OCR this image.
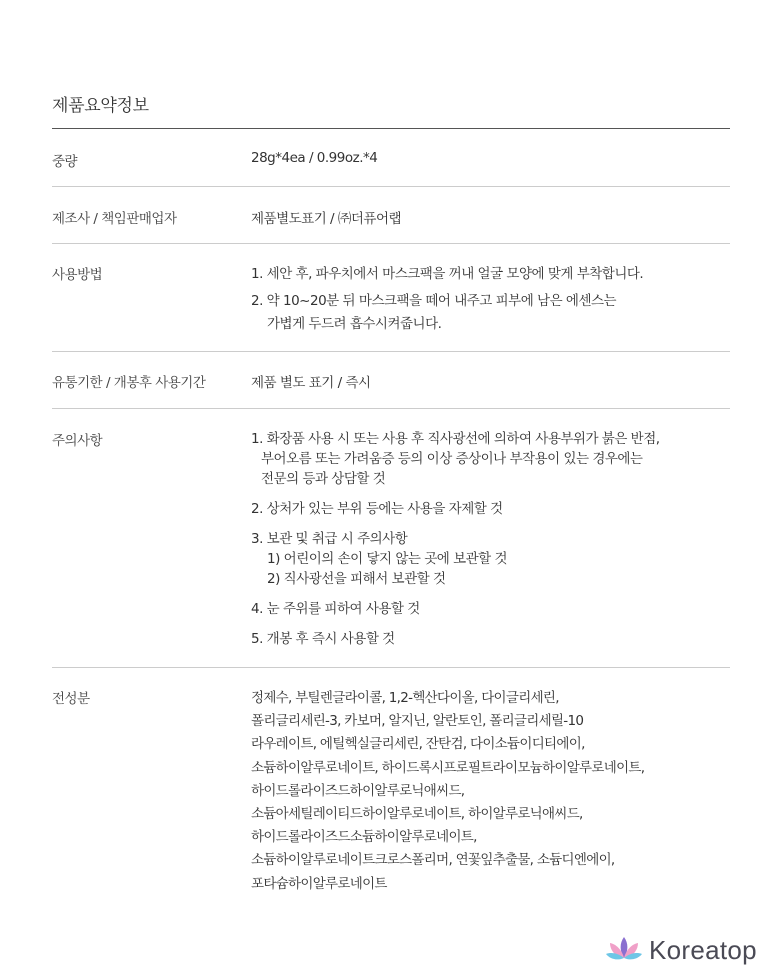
제품요약정보
중량	28g*4ea / 0.99oz.*4
제조사 / 책임판매업자	제품별도표기 / ㈜더퓨어랩
사용방법	1. 세안 후, 파우치에서 마스크팩을 꺼내 얼굴 모양에 맞게 부착합니다.
2. 약 10~20분 뒤 마스크팩을 떼어 내주고 피부에 남은 에센스는
가볍게 두드려 흡수시켜줍니다.
유통기한 / 개봉후 사용기간	제품 별도 표기 / 즉시
주의사항	1. 화장품 사용 시 또는 사용 후 직사광선에 의하여 사용부위가 붉은 반점,
부어오름 또는 가려움증 등의 이상 증상이나 부작용이 있는 경우에는
전문의 등과 상담할 것
2. 상처가 있는 부위 등에는 사용을 자제할 것
3. 보관 및 취급 시 주의사항
1) 어린이의 손이 닿지 않는 곳에 보관할 것
2) 직사광선을 피해서 보관할 것
4. 눈 주위를 피하여 사용할 것
5. 개봉 후 즉시 사용할 것
전성분	정제수, 부틸렌글라이콜, 1,2-헥산다이올, 다이글리세린,
폴리글리세린-3, 카보머, 알지닌, 알란토인, 폴리글리세릴-10
라우레이트, 에틸헥실글리세린, 잔탄검, 다이소듐이디티에이,
소듐하이알루로네이트, 하이드록시프로필트라이모늄하이알루로네이트,
하이드롤라이즈드하이알루로닉애씨드,
소듐아세틸레이티드하이알루로네이트, 하이알루로닉애씨드,
하이드롤라이즈드소듐하이알루로네이트,
소듐하이알루로네이트크로스폴리머, 연꽃잎추출물, 소듐디엔에이,
포타슘하이알루로네이트
Koreatop
